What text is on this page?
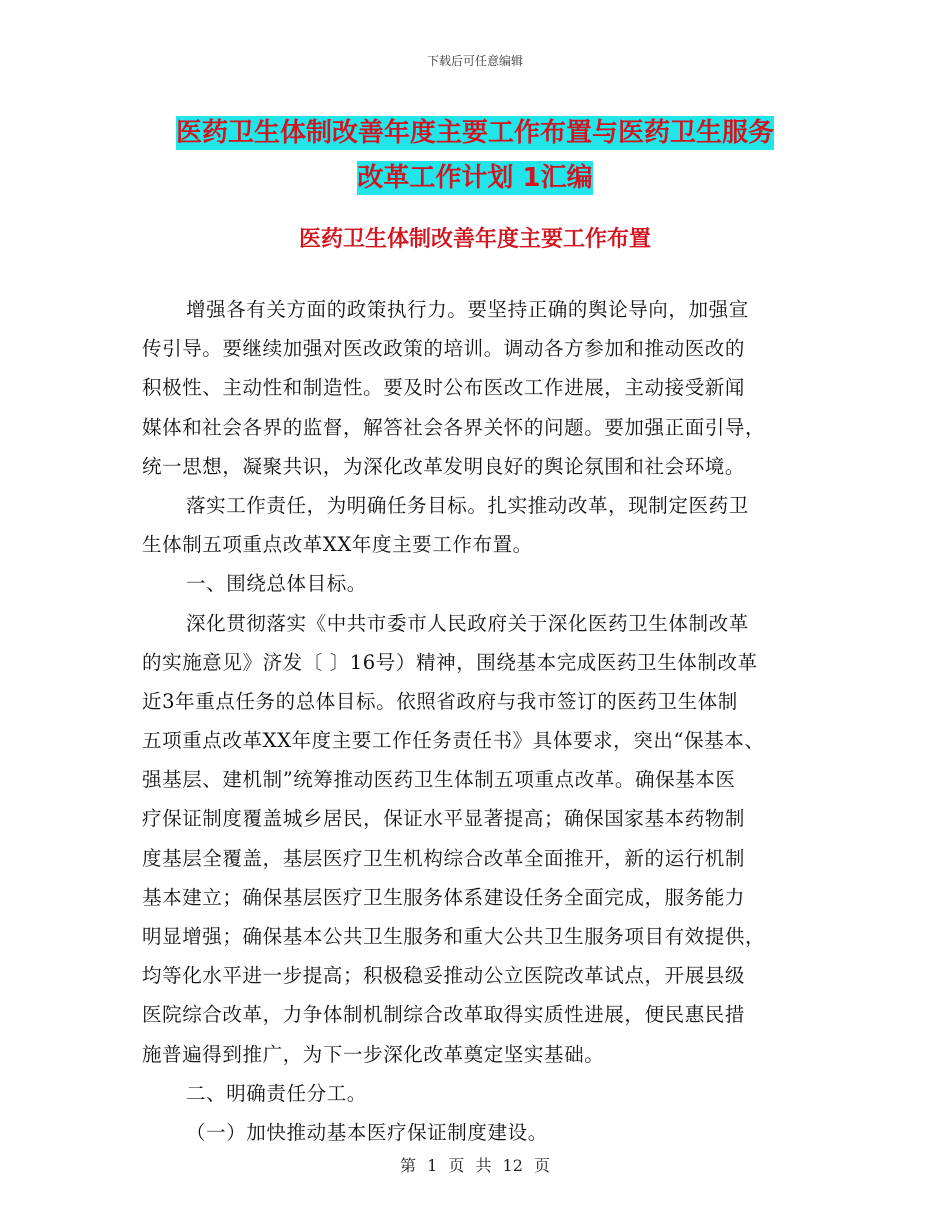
下载后可任意编辑
医药卫生体制改善年度主要工作布置与医药卫生服务
改革工作计划 1汇编
医药卫生体制改善年度主要工作布置
增强各有关方面的政策执行力。要坚持正确的舆论导向，加强宣
传引导。要继续加强对医改政策的培训。调动各方参加和推动医改的
积极性、主动性和制造性。要及时公布医改工作进展，主动接受新闻
媒体和社会各界的监督，解答社会各界关怀的问题。要加强正面引导，
统一思想，凝聚共识，为深化改革发明良好的舆论氛围和社会环境。
落实工作责任，为明确任务目标。扎实推动改革，现制定医药卫
生体制五项重点改革XX年度主要工作布置。
一、围绕总体目标。
深化贯彻落实《中共市委市人民政府关于深化医药卫生体制改革
的实施意见》济发〔 〕16号）精神，围绕基本完成医药卫生体制改革
近3年重点任务的总体目标。依照省政府与我市签订的医药卫生体制
五项重点改革XX年度主要工作任务责任书》具体要求，突出“保基本、
强基层、建机制”统筹推动医药卫生体制五项重点改革。确保基本医
疗保证制度覆盖城乡居民，保证水平显著提高；确保国家基本药物制
度基层全覆盖，基层医疗卫生机构综合改革全面推开，新的运行机制
基本建立；确保基层医疗卫生服务体系建设任务全面完成，服务能力
明显增强；确保基本公共卫生服务和重大公共卫生服务项目有效提供，
均等化水平进一步提高；积极稳妥推动公立医院改革试点，开展县级
医院综合改革，力争体制机制综合改革取得实质性进展，便民惠民措
施普遍得到推广，为下一步深化改革奠定坚实基础。
二、明确责任分工。
（一）加快推动基本医疗保证制度建设。
第 1 页 共 12 页
